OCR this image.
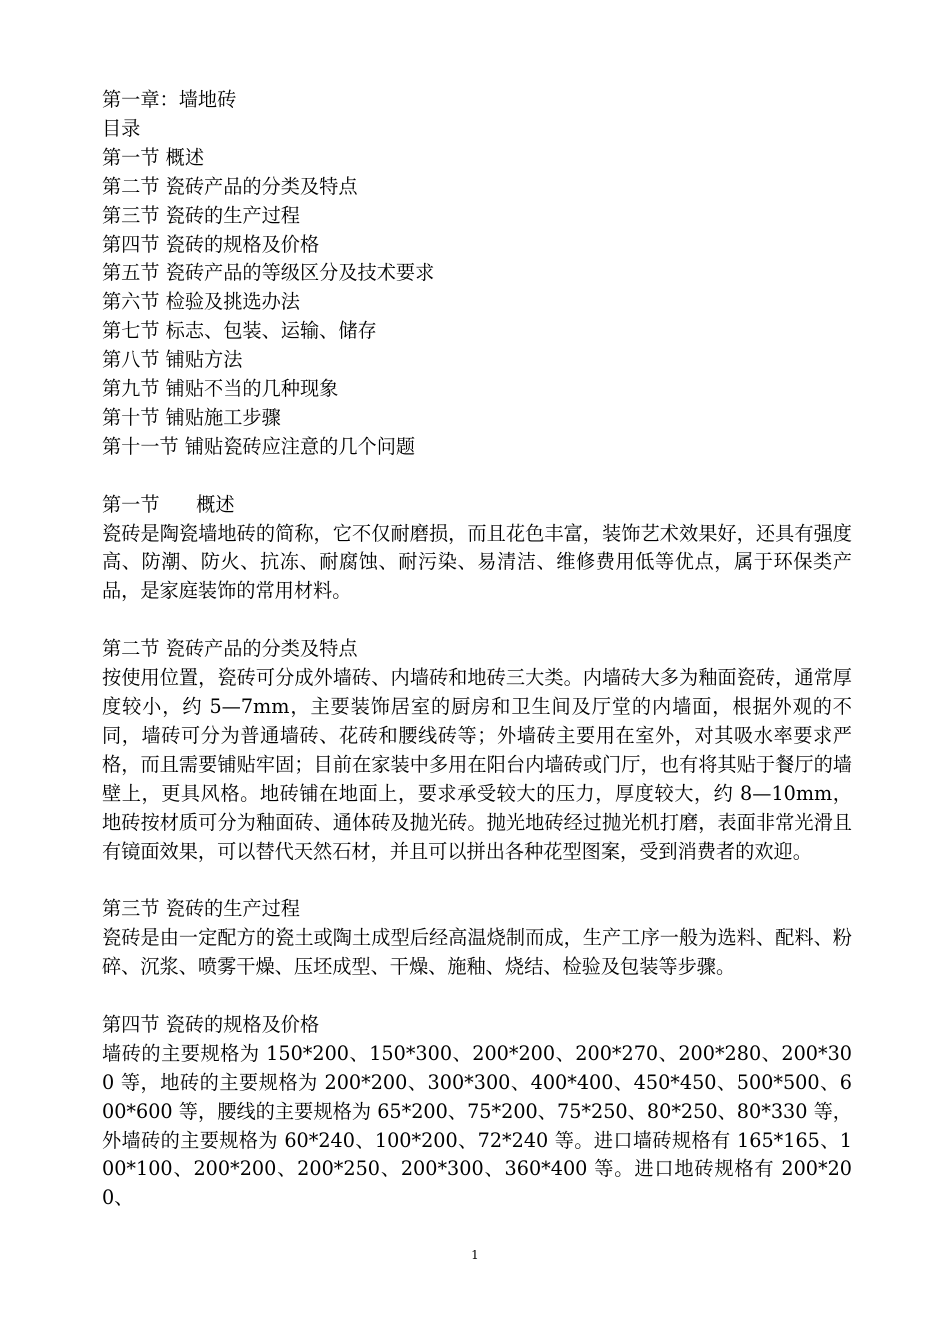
第一章：墙地砖
目录
第一节 概述
第二节 瓷砖产品的分类及特点
第三节 瓷砖的生产过程
第四节 瓷砖的规格及价格
第五节 瓷砖产品的等级区分及技术要求
第六节 检验及挑选办法
第七节 标志、包装、运输、储存
第八节 铺贴方法
第九节 铺贴不当的几种现象
第十节 铺贴施工步骤
第十一节 铺贴瓷砖应注意的几个问题
第一节      概述
瓷砖是陶瓷墙地砖的简称，它不仅耐磨损，而且花色丰富，装饰艺术效果好，还具有强度高、防潮、防火、抗冻、耐腐蚀、耐污染、易清洁、维修费用低等优点，属于环保类产品，是家庭装饰的常用材料。
第二节 瓷砖产品的分类及特点
按使用位置，瓷砖可分成外墙砖、内墙砖和地砖三大类。内墙砖大多为釉面瓷砖，通常厚度较小，约 5—7mm，主要装饰居室的厨房和卫生间及厅堂的内墙面，根据外观的不同，墙砖可分为普通墙砖、花砖和腰线砖等；外墙砖主要用在室外，对其吸水率要求严格，而且需要铺贴牢固；目前在家装中多用在阳台内墙砖或门厅，也有将其贴于餐厅的墙壁上，更具风格。地砖铺在地面上，要求承受较大的压力，厚度较大，约 8—10mm，地砖按材质可分为釉面砖、通体砖及抛光砖。抛光地砖经过抛光机打磨，表面非常光滑且有镜面效果，可以替代天然石材，并且可以拼出各种花型图案，受到消费者的欢迎。
第三节 瓷砖的生产过程
瓷砖是由一定配方的瓷土或陶土成型后经高温烧制而成，生产工序一般为选料、配料、粉碎、沉浆、喷雾干燥、压坯成型、干燥、施釉、烧结、检验及包装等步骤。
第四节 瓷砖的规格及价格
墙砖的主要规格为 150*200、150*300、200*200、200*270、200*280、200*300 等，地砖的主要规格为 200*200、300*300、400*400、450*450、500*500、600*600 等，腰线的主要规格为 65*200、75*200、75*250、80*250、80*330 等，外墙砖的主要规格为 60*240、100*200、72*240 等。进口墙砖规格有 165*165、100*100、200*200、200*250、200*300、360*400 等。进口地砖规格有 200*200、
1
